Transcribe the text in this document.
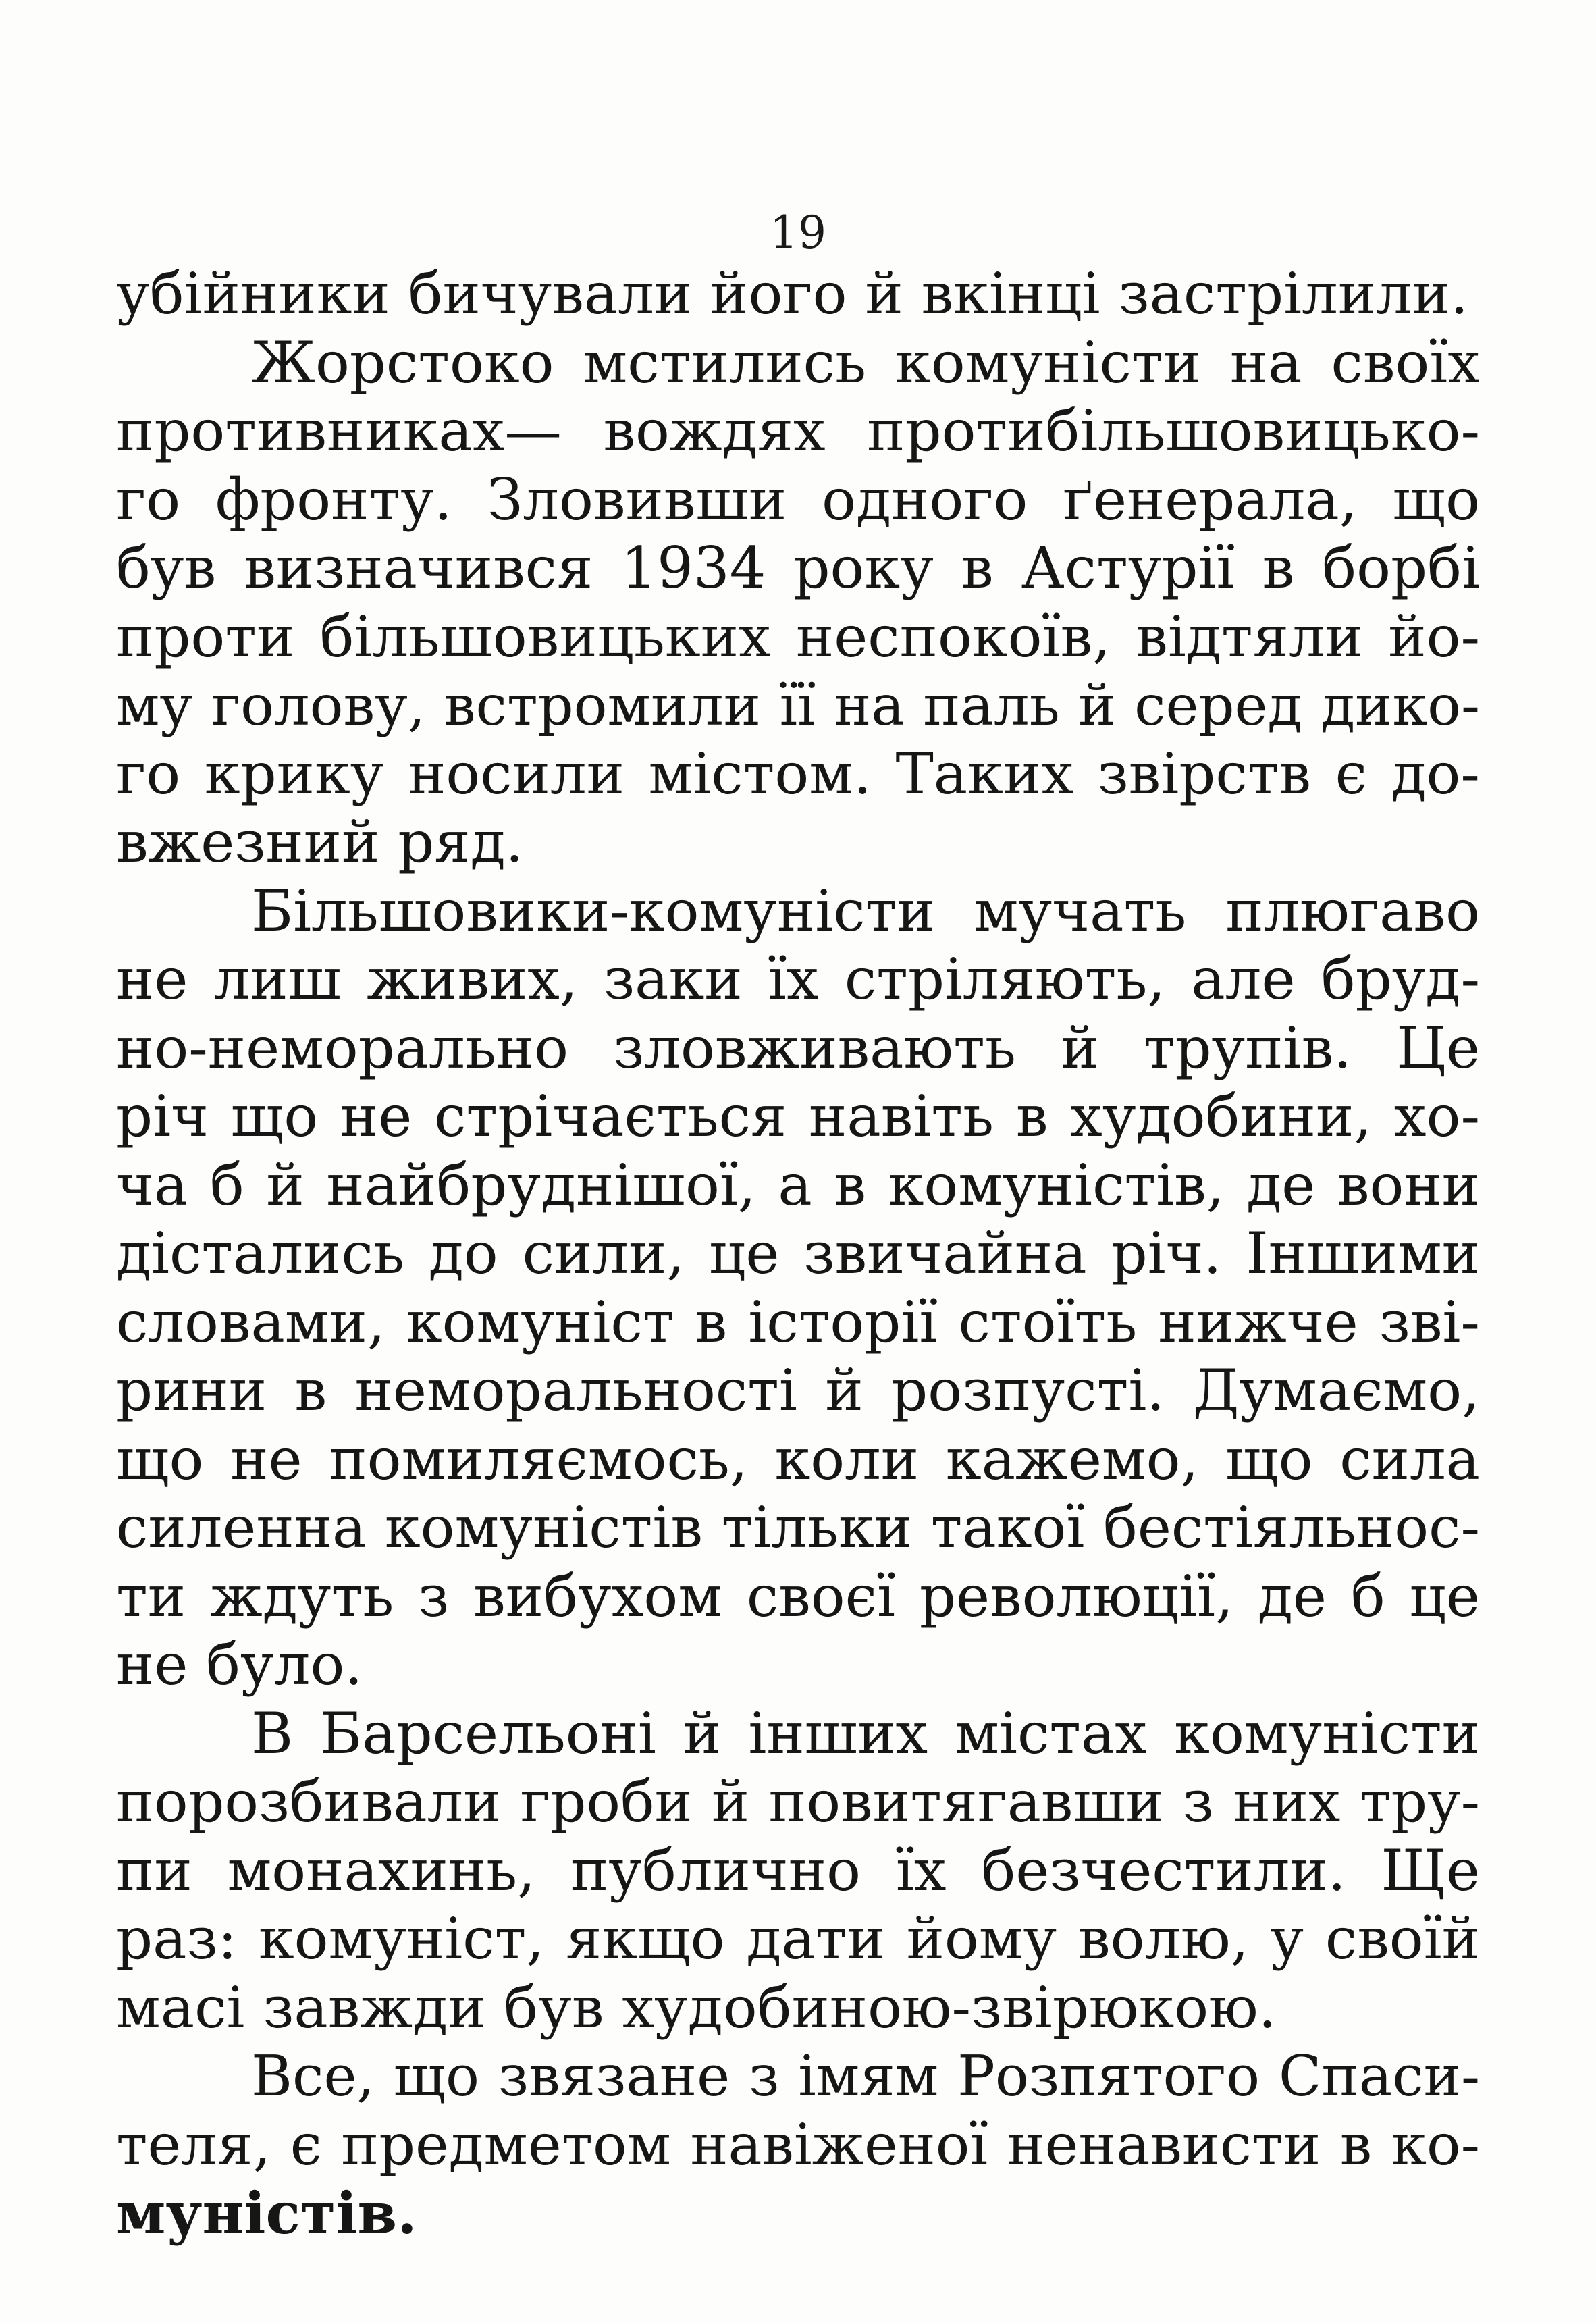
19
убійники бичували його й вкінці застрілили.
Жорстоко мстились комуністи на своїх
противниках— вождях протибільшовицько-
го фронту. Зловивши одного ґенерала, що
був визначився 1934 року в Астурії в борбі
проти більшовицьких неспокоїв, відтяли йо-
му голову, встромили її на паль й серед дико-
го крику носили містом. Таких звірств є до-
вжезний ряд.
Більшовики-комуністи мучать плюгаво
не лиш живих, заки їх стріляють, але бруд-
но-неморально зловживають й трупів. Це
річ що не стрічається навіть в худобини, хо-
ча б й найбруднішої, а в комуністів, де вони
дістались до сили, це звичайна річ. Іншими
словами, комуніст в історії стоїть нижче зві-
рини в неморальності й розпусті. Думаємо,
що не помиляємось, коли кажемо, що сила
силенна комуністів тільки такої бестіяльнос-
ти ждуть з вибухом своєї революції, де б це
не було.
В Барсельоні й інших містах комуністи
порозбивали гроби й повитягавши з них тру-
пи монахинь, публично їх безчестили. Ще
раз: комуніст, якщо дати йому волю, у своїй
масі завжди був худобиною-звірюкою.
Все, що звязане з імям Розпятого Спаси-
теля, є предметом навіженої ненависти в ко-
муністів.
